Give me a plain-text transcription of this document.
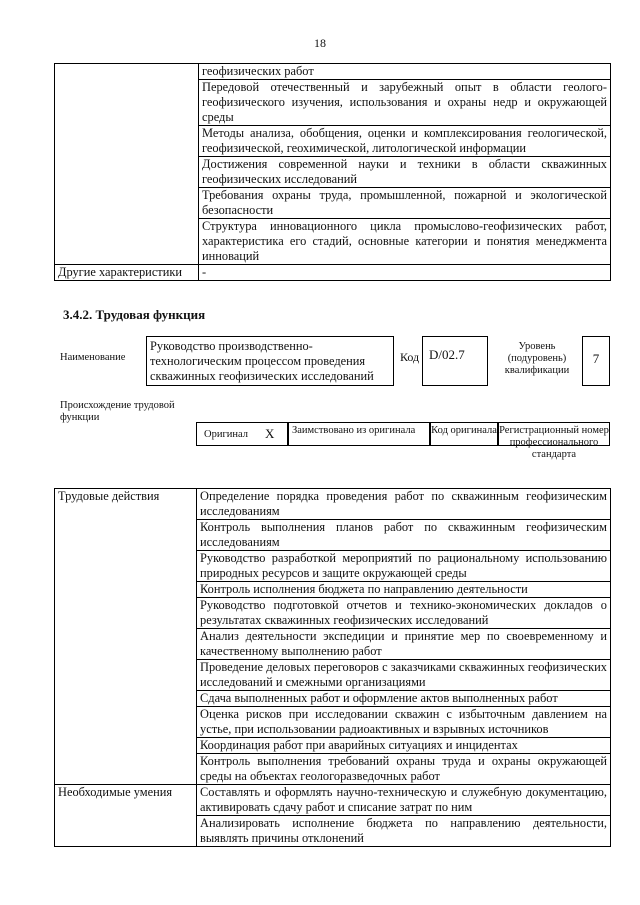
18
	геофизических работ
	Передовой отечественный и зарубежный опыт в области геолого-геофизического изучения, использования и охраны недр и окружающей среды
	Методы анализа, обобщения, оценки и комплексирования геологической, геофизической, геохимической, литологической информации
	Достижения современной науки и техники в области скважинных геофизических исследований
	Требования охраны труда, промышленной, пожарной и экологической безопасности
	Структура инновационного цикла промыслово-геофизических работ, характеристика его стадий, основные категории и понятия менеджмента инноваций
Другие характеристики	-
3.4.2. Трудовая функция
Наименование
Руководство производственно-технологическим процессом проведения скважинных геофизических исследований
Код D/02.7
Уровень (подуровень) квалификации
7
Происхождение трудовой функции
Оригинал X	Заимствовано из оригинала	Код оригинала Регистрационный номер профессионального стандарта
Трудовые действия	Определение порядка проведения работ по скважинным геофизическим исследованиям
	Контроль выполнения планов работ по скважинным геофизическим исследованиям
	Руководство разработкой мероприятий по рациональному использованию природных ресурсов и защите окружающей среды
	Контроль исполнения бюджета по направлению деятельности
	Руководство подготовкой отчетов и технико-экономических докладов о результатах скважинных геофизических исследований
	Анализ деятельности экспедиции и принятие мер по своевременному и качественному выполнению работ
	Проведение деловых переговоров с заказчиками скважинных геофизических исследований и смежными организациями
	Сдача выполненных работ и оформление актов выполненных работ
	Оценка рисков при исследовании скважин с избыточным давлением на устье, при использовании радиоактивных и взрывных источников
	Координация работ при аварийных ситуациях и инцидентах
	Контроль выполнения требований охраны труда и охраны окружающей среды на объектах геологоразведочных работ
Необходимые умения	Составлять и оформлять научно-техническую и служебную документацию, активировать сдачу работ и списание затрат по ним
	Анализировать исполнение бюджета по направлению деятельности, выявлять причины отклонений
